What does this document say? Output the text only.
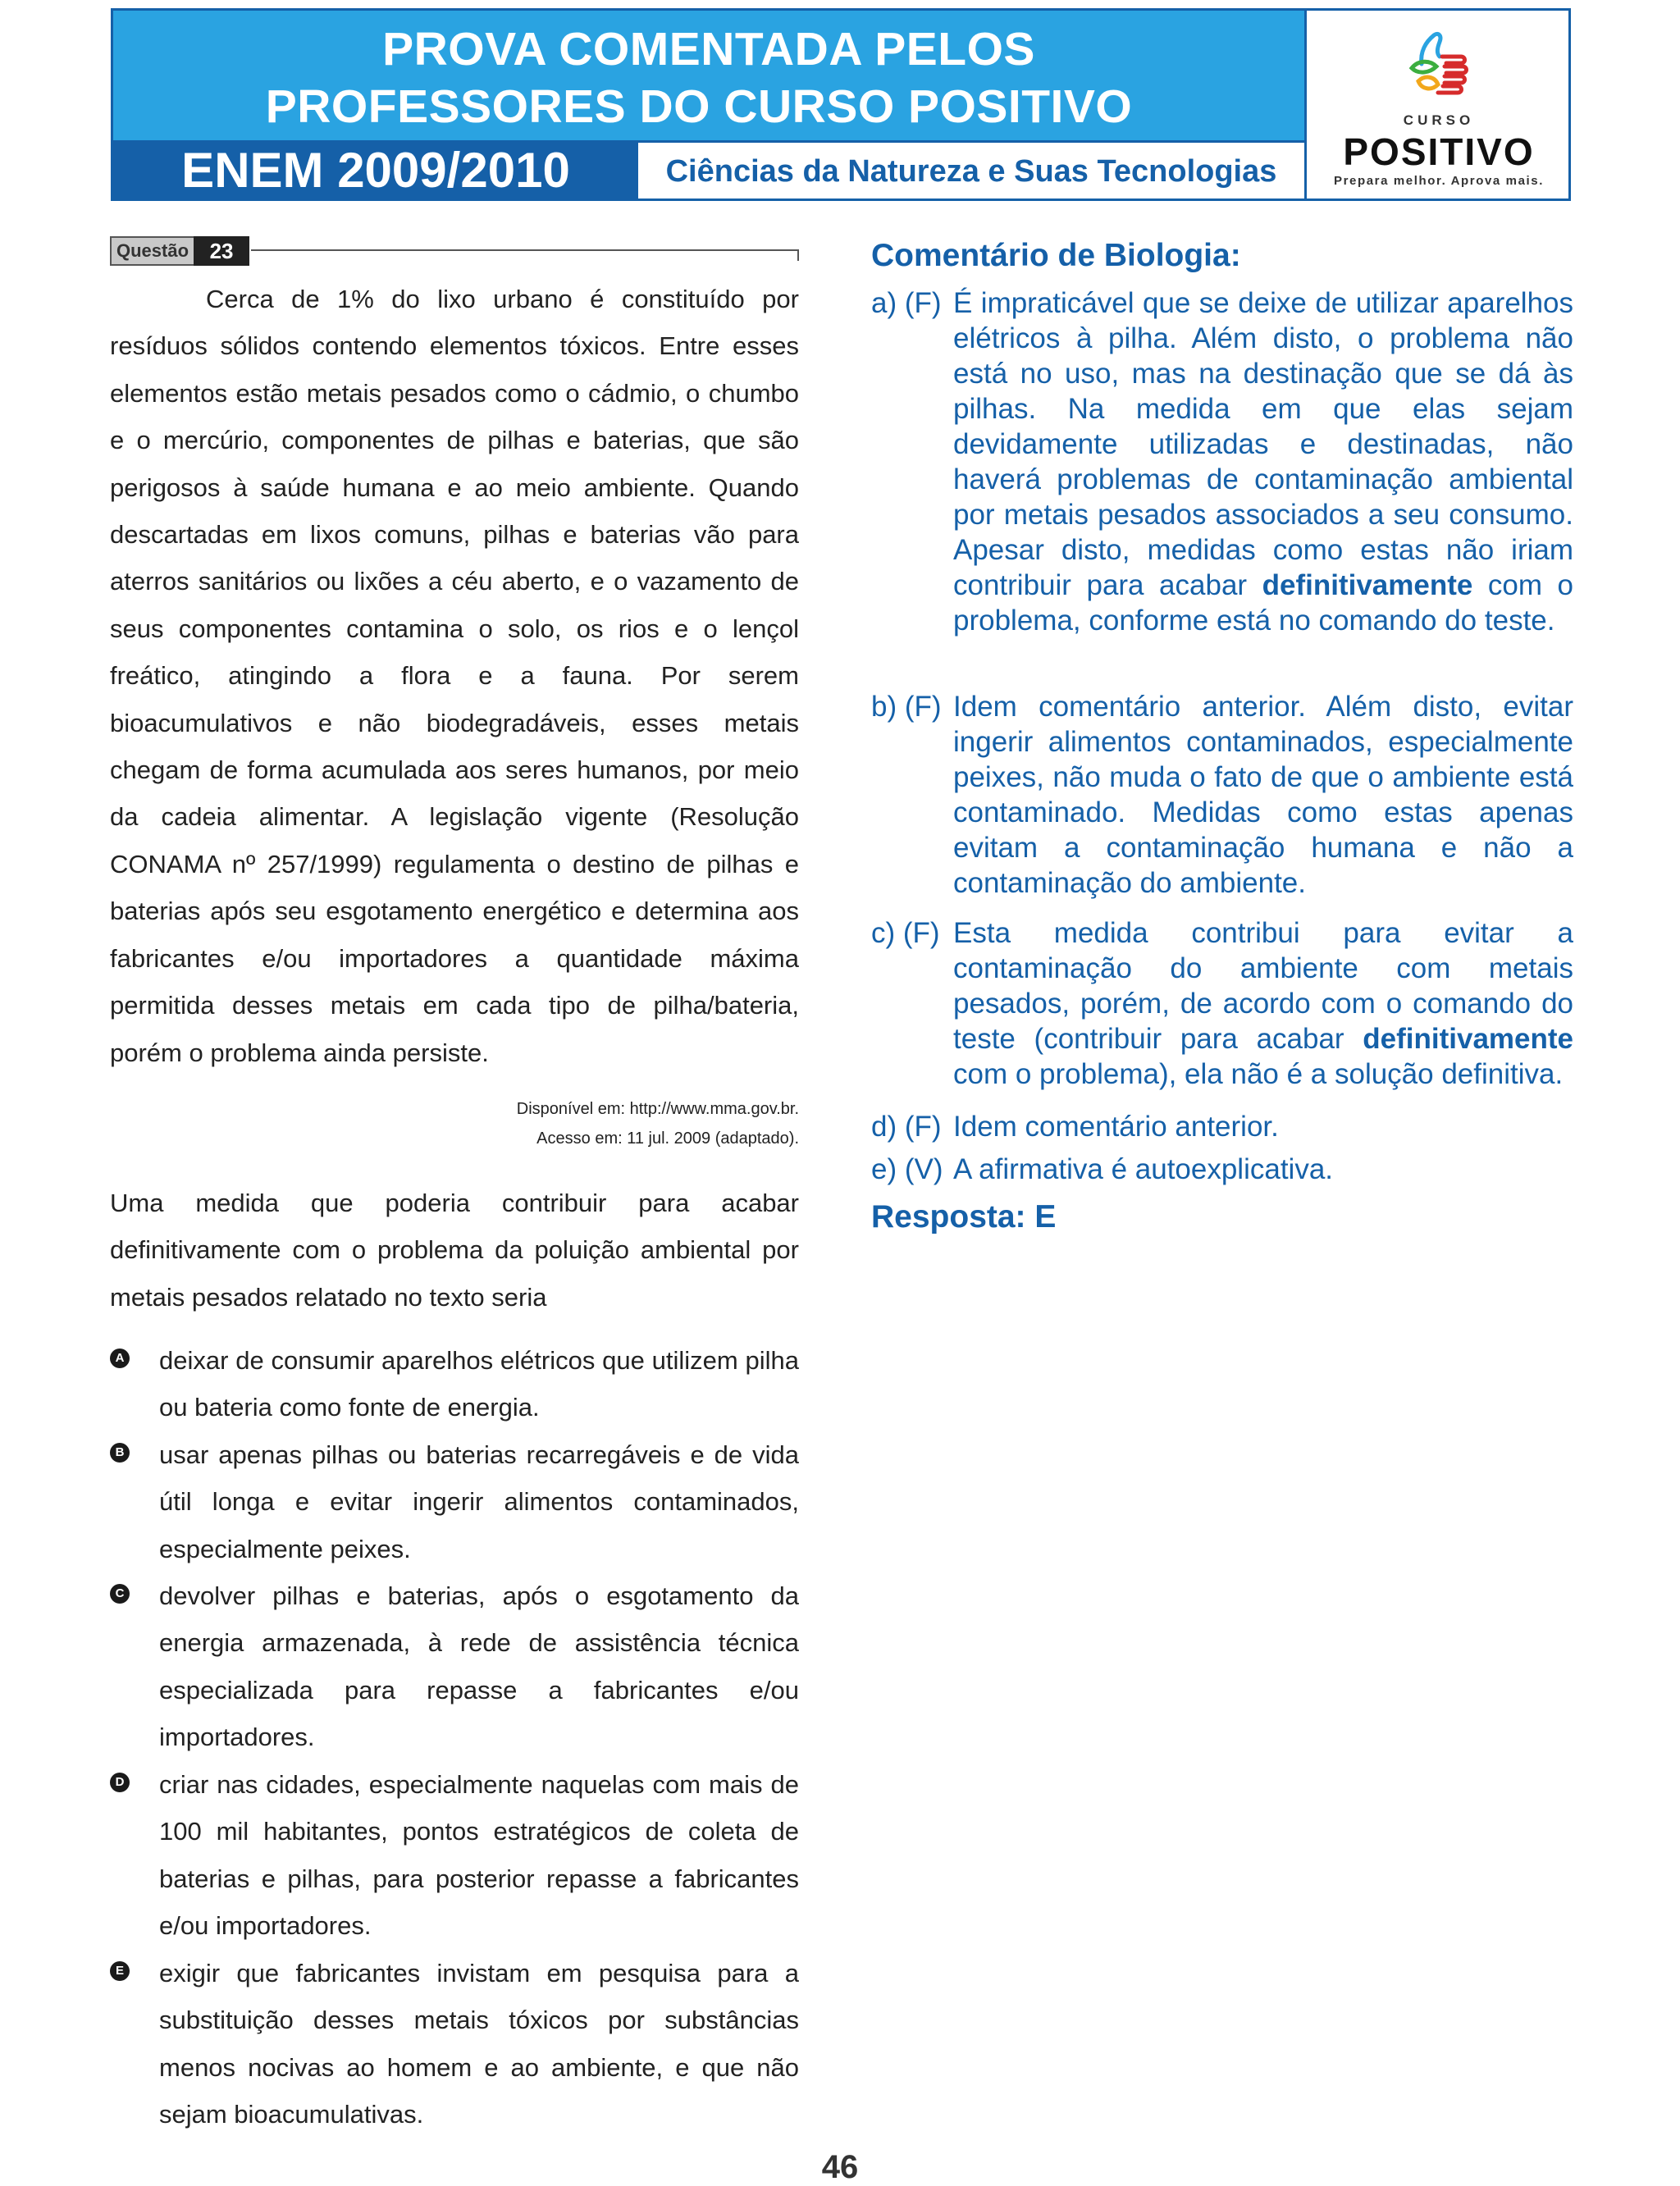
PROVA COMENTADA PELOS
PROFESSORES DO CURSO POSITIVO
ENEM 2009/2010	Ciências da Natureza e Suas Tecnologias
CURSO
POSITIVO
Prepara melhor. Aprova mais.
Questão 23

Cerca de 1% do lixo urbano é constituído por resíduos sólidos contendo elementos tóxicos. Entre esses elementos estão metais pesados como o cádmio, o chumbo e o mercúrio, componentes de pilhas e baterias, que são perigosos à saúde humana e ao meio ambiente. Quando descartadas em lixos comuns, pilhas e baterias vão para aterros sanitários ou lixões a céu aberto, e o vazamento de seus componentes contamina o solo, os rios e o lençol freático, atingindo a flora e a fauna. Por serem bioacumulativos e não biodegradáveis, esses metais chegam de forma acumulada aos seres humanos, por meio da cadeia alimentar. A legislação vigente (Resolução CONAMA nº 257/1999) regulamenta o destino de pilhas e baterias após seu esgotamento energético e determina aos fabricantes e/ou importadores a quantidade máxima permitida desses metais em cada tipo de pilha/bateria, porém o problema ainda persiste.

Disponível em: http://www.mma.gov.br.
Acesso em: 11 jul. 2009 (adaptado).

Uma medida que poderia contribuir para acabar definitivamente com o problema da poluição ambiental por metais pesados relatado no texto seria

A deixar de consumir aparelhos elétricos que utilizem pilha ou bateria como fonte de energia.

B usar apenas pilhas ou baterias recarregáveis e de vida útil longa e evitar ingerir alimentos contaminados, especialmente peixes.

C devolver pilhas e baterias, após o esgotamento da energia armazenada, à rede de assistência técnica especializada para repasse a fabricantes e/ou importadores.

D criar nas cidades, especialmente naquelas com mais de 100 mil habitantes, pontos estratégicos de coleta de baterias e pilhas, para posterior repasse a fabricantes e/ou importadores.

E exigir que fabricantes invistam em pesquisa para a substituição desses metais tóxicos por substâncias menos nocivas ao homem e ao ambiente, e que não sejam bioacumulativas.

Comentário de Biologia:
a) (F) É impraticável que se deixe de utilizar aparelhos elétricos à pilha. Além disto, o problema não está no uso, mas na destinação que se dá às pilhas. Na medida em que elas sejam devidamente utilizadas e destinadas, não haverá problemas de contaminação ambiental por metais pesados associados a seu consumo. Apesar disto, medidas como estas não iriam contribuir para acabar definitivamente com o problema, conforme está no comando do teste.

b) (F) Idem comentário anterior. Além disto, evitar ingerir alimentos contaminados, especialmente peixes, não muda o fato de que o ambiente está contaminado. Medidas como estas apenas evitam a contaminação humana e não a contaminação do ambiente.

c) (F) Esta medida contribui para evitar a contaminação do ambiente com metais pesados, porém, de acordo com o comando do teste (contribuir para acabar definitivamente com o problema), ela não é a solução definitiva.

d) (F) Idem comentário anterior.

e) (V) A afirmativa é autoexplicativa.

Resposta: E
46
